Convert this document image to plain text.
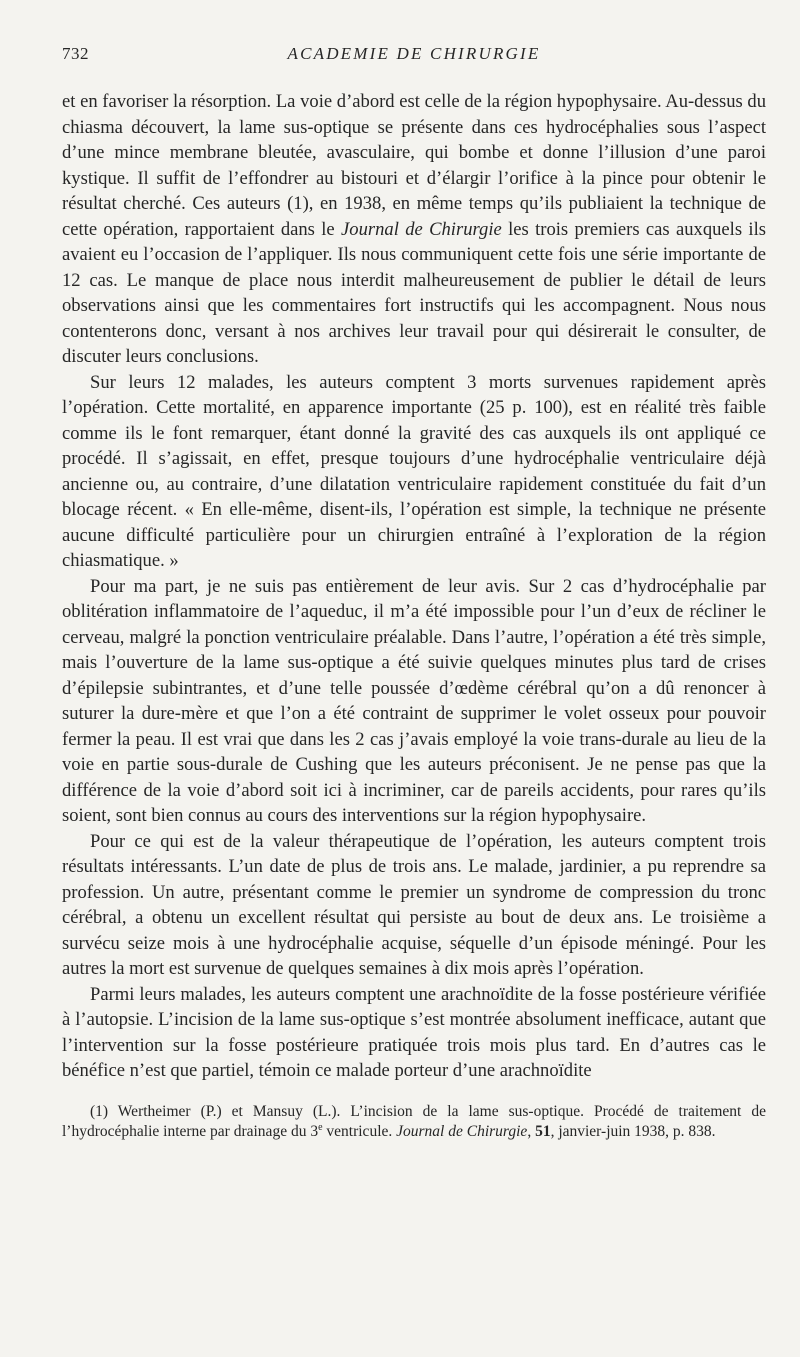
732	ACADEMIE DE CHIRURGIE

et en favoriser la résorption. La voie d’abord est celle de la région hypophysaire. Au-dessus du chiasma découvert, la lame sus-optique se présente dans ces hydrocéphalies sous l’aspect d’une mince membrane bleutée, avasculaire, qui bombe et donne l’illusion d’une paroi kystique. Il suffit de l’effondrer au bistouri et d’élargir l’orifice à la pince pour obtenir le résultat cherché. Ces auteurs (1), en 1938, en même temps qu’ils publiaient la technique de cette opération, rapportaient dans le Journal de Chirurgie les trois premiers cas auxquels ils avaient eu l’occasion de l’appliquer. Ils nous communiquent cette fois une série importante de 12 cas. Le manque de place nous interdit malheureusement de publier le détail de leurs observations ainsi que les commentaires fort instructifs qui les accompagnent. Nous nous contenterons donc, versant à nos archives leur travail pour qui désirerait le consulter, de discuter leurs conclusions.

Sur leurs 12 malades, les auteurs comptent 3 morts survenues rapidement après l’opération. Cette mortalité, en apparence importante (25 p. 100), est en réalité très faible comme ils le font remarquer, étant donné la gravité des cas auxquels ils ont appliqué ce procédé. Il s’agissait, en effet, presque toujours d’une hydrocéphalie ventriculaire déjà ancienne ou, au contraire, d’une dilatation ventriculaire rapidement constituée du fait d’un blocage récent. « En elle-même, disent-ils, l’opération est simple, la technique ne présente aucune difficulté particulière pour un chirurgien entraîné à l’exploration de la région chiasmatique. »

Pour ma part, je ne suis pas entièrement de leur avis. Sur 2 cas d’hydrocéphalie par oblitération inflammatoire de l’aqueduc, il m’a été impossible pour l’un d’eux de récliner le cerveau, malgré la ponction ventriculaire préalable. Dans l’autre, l’opération a été très simple, mais l’ouverture de la lame sus-optique a été suivie quelques minutes plus tard de crises d’épilepsie subintrantes, et d’une telle poussée d’œdème cérébral qu’on a dû renoncer à suturer la dure-mère et que l’on a été contraint de supprimer le volet osseux pour pouvoir fermer la peau. Il est vrai que dans les 2 cas j’avais employé la voie trans-durale au lieu de la voie en partie sous-durale de Cushing que les auteurs préconisent. Je ne pense pas que la différence de la voie d’abord soit ici à incriminer, car de pareils accidents, pour rares qu’ils soient, sont bien connus au cours des interventions sur la région hypophysaire.

Pour ce qui est de la valeur thérapeutique de l’opération, les auteurs comptent trois résultats intéressants. L’un date de plus de trois ans. Le malade, jardinier, a pu reprendre sa profession. Un autre, présentant comme le premier un syndrome de compression du tronc cérébral, a obtenu un excellent résultat qui persiste au bout de deux ans. Le troisième a survécu seize mois à une hydrocéphalie acquise, séquelle d’un épisode méningé. Pour les autres la mort est survenue de quelques semaines à dix mois après l’opération.

Parmi leurs malades, les auteurs comptent une arachnoïdite de la fosse postérieure vérifiée à l’autopsie. L’incision de la lame sus-optique s’est montrée absolument inefficace, autant que l’intervention sur la fosse postérieure pratiquée trois mois plus tard. En d’autres cas le bénéfice n’est que partiel, témoin ce malade porteur d’une arachnoïdite

(1) Wertheimer (P.) et Mansuy (L.). L’incision de la lame sus-optique. Procédé de traitement de l’hydrocéphalie interne par drainage du 3e ventricule. Journal de Chirurgie, 51, janvier-juin 1938, p. 838.
